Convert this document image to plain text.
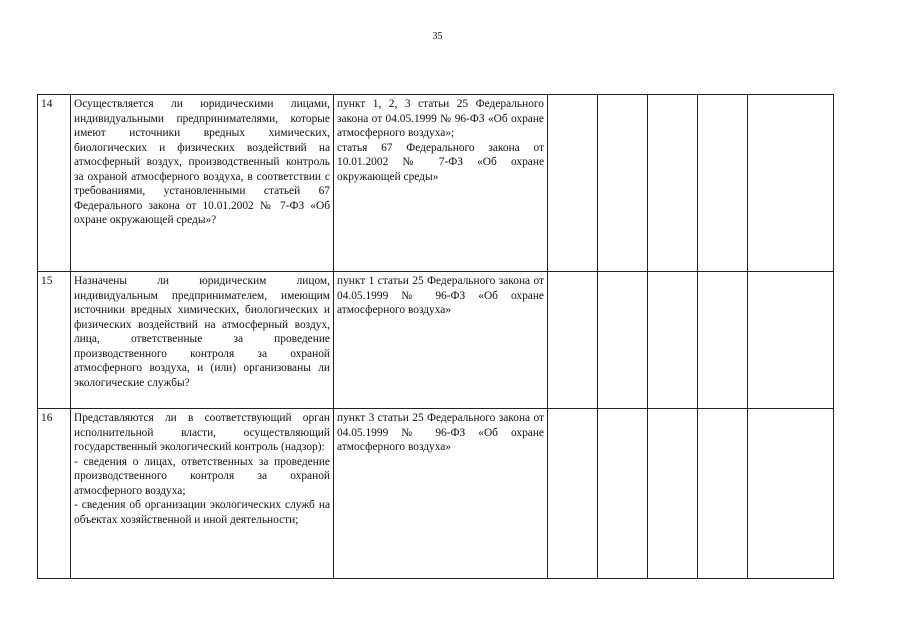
35
14	Осуществляется ли юридическими лицами, индивидуальными предпринимателями, которые имеют источники вредных химических, биологических и физических воздействий на атмосферный воздух, производственный контроль за охраной атмосферного воздуха, в соответствии с требованиями, установленными статьей 67 Федерального закона от 10.01.2002 № 7-ФЗ «Об охране окружающей среды»?	пункт 1, 2, 3 статьи 25 Федерального закона от 04.05.1999 № 96-ФЗ «Об охране атмосферного воздуха»;
статья 67 Федерального закона от 10.01.2002 № 7-ФЗ «Об охране окружающей среды»					

15	Назначены ли юридическим лицом, индивидуальным предпринимателем, имеющим источники вредных химических, биологических и физических воздействий на атмосферный воздух, лица, ответственные за проведение производственного контроля за охраной атмосферного воздуха, и (или) организованы ли экологические службы?	пункт 1 статьи 25 Федерального закона от 04.05.1999 № 96-ФЗ «Об охране атмосферного воздуха»					

16	Представляются ли в соответствующий орган исполнительной власти, осуществляющий государственный экологический контроль (надзор):
- сведения о лицах, ответственных за проведение производственного контроля за охраной атмосферного воздуха;
- сведения об организации экологических служб на объектах хозяйственной и иной деятельности;	пункт 3 статьи 25 Федерального закона от 04.05.1999 № 96-ФЗ «Об охране атмосферного воздуха»					
